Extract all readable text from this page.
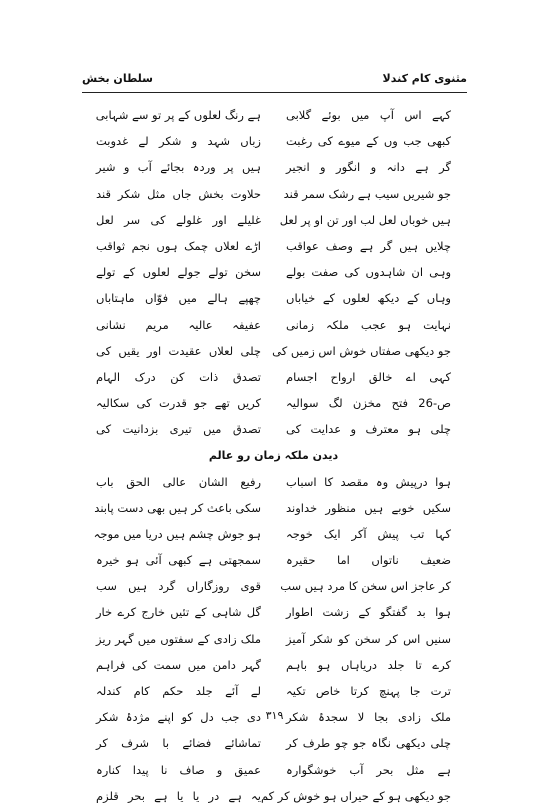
مثنوی کام کندلا
سلطان بخش
کہے اس آپ میں بوئے گلابی
ہے رنگ لعلوں کے پر تو سے شہابی
کبھی جب وں کے میوے کی رغبت
زباں شہد و شکر لے غدوبت
گر ہے دانہ و انگور و انجیر
ہیں پر وردہ بجائے آب و شیر
جو شیریں سیب ہے رشک سمر قند
حلاوت بخش جاں مثل شکر قند
ہیں خوباں لعل لب اور تن او پر لعل
غلیلے اور غلولے کی سر لعل
چلایں ہیں گر ہے وصف عواقب
اڑے لعلاں چمک ہوں نجم ثواقب
وہی ان شاہدوں کی صفت بولے
سخن تولے جولے لعلوں کے تولے
وہاں کے دیکھ لعلوں کے خیاباں
چھپے ہالے میں فوّاں ماہتاباں
نہایت ہو عجب ملکہ زمانی
عفیفہ عالیہ مریم نشانی
جو دیکھی صفتاں خوش اس زمیں کی
چلی لعلاں عقیدت اور یقیں کی
کہی اے خالق ارواح اجسام
تصدق ذات کن درک الہام
ص-26 فتح مخزن لگ سوالیہ
کریں تھے جو قدرت کی سکالیہ
چلی ہو معترف و عدایت کی
تصدق میں تیری بزدانیت کی
دیدن ملکہ زمان رو عالم
ہوا درپیش وہ مقصد کا اسباب
رفیع الشان عالی الحق باب
سکیں خوبے ہیں منظور خداوند
سکی باعث کر ہیں بھی دست پابند
کہا تب پیش آکر ایک خوجہ
ہو جوش چشم ہیں دریا میں موجہ
ضعیف ناتواں اما حقیرہ
سمجھتی ہے کبھی آئی ہو خیرہ
کر عاجز اس سخن کا مرد ہیں سب
قوی روزگاراں گرد ہیں سب
ہوا بد گفتگو کے زشت اطوار
گل شاہی کے تئیں خارج کرے خار
سنیں اس کر سخن کو شکر آمیز
ملک زادی کے سفتوں میں گہر ریز
کرے تا جلد دریاہاں ہو باہم
گہر دامن میں سمت کی فراہم
ترت جا پہنچ کرتا خاص تکیہ
لے آئے جلد حکم کام کندلہ
ملک زادی بجا لا سجدۂ شکر
دی جب دل کو اپنے مژدۂ شکر
چلی دیکھی نگاہ جو چو طرف کر
تماشائے فضائے با شرف کر
ہے مثل بحر آب خوشگوارہ
عمیق و صاف نا پیدا کنارہ
جو دیکھی ہو کے حیراں ہو خوش کر کم
یہ ہے در یا یا ہے بحر قلزم
۳۱۹
